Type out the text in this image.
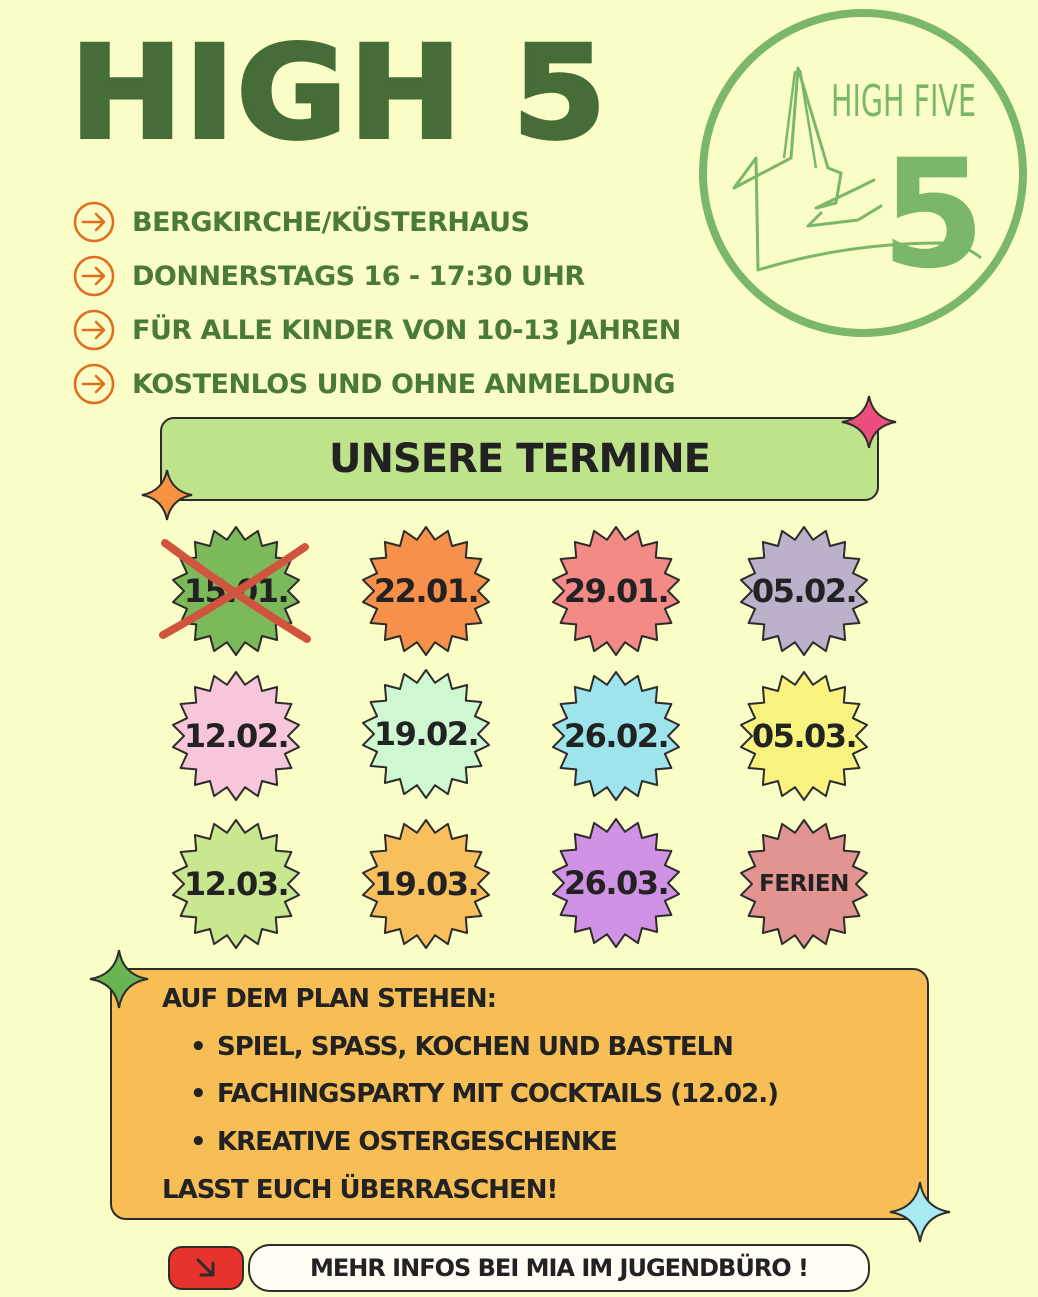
HIGH 5
BERGKIRCHE/KÜSTERHAUS
DONNERSTAGS 16 - 17:30 UHR
FÜR ALLE KINDER VON 10-13 JAHREN
KOSTENLOS UND OHNE ANMELDUNG
HIGH FIVE
5
UNSERE TERMINE
15.01.	22.01.	29.01.	05.02.
12.02.	19.02.	26.02.	05.03.
12.03.	19.03.	26.03.	FERIEN
AUF DEM PLAN STEHEN:
• SPIEL, SPASS, KOCHEN UND BASTELN
• FACHINGSPARTY MIT COCKTAILS (12.02.)
• KREATIVE OSTERGESCHENKE
LASST EUCH ÜBERRASCHEN!
MEHR INFOS BEI MIA IM JUGENDBÜRO !
